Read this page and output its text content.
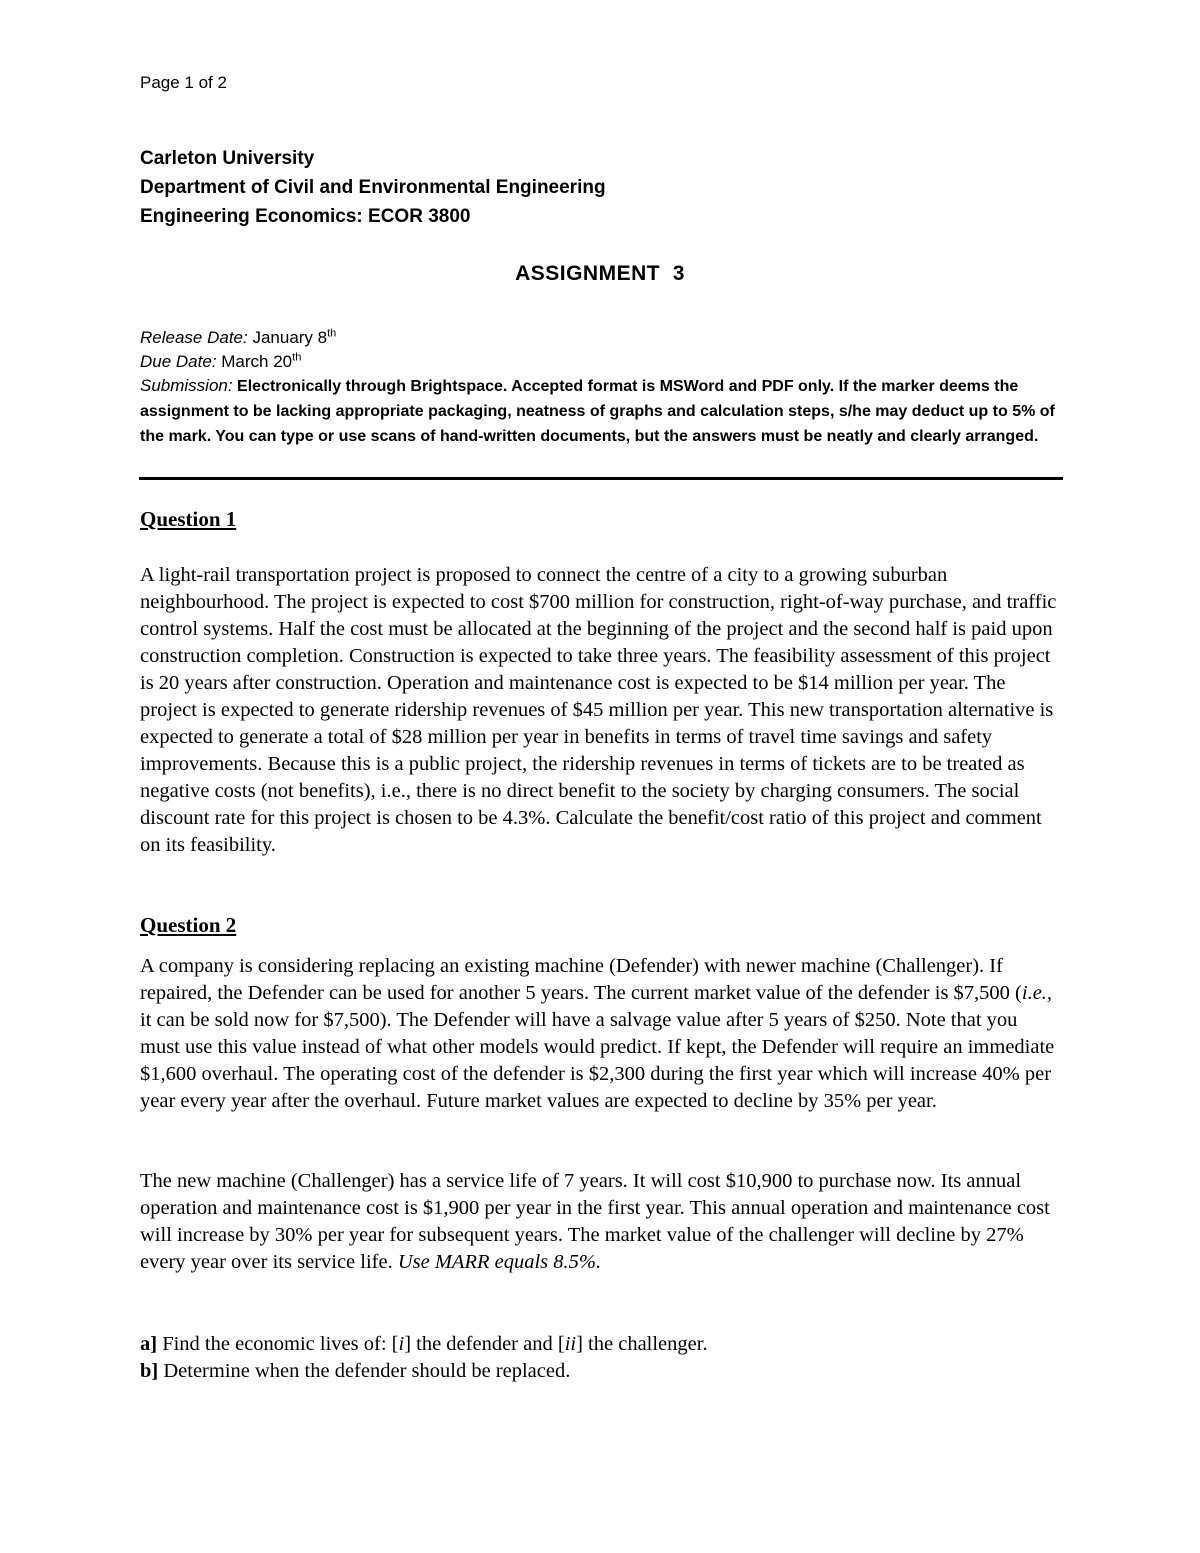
Page 1 of 2
Carleton University
Department of Civil and Environmental Engineering
Engineering Economics: ECOR 3800
ASSIGNMENT  3
Release Date: January 8th
Due Date: March 20th
Submission: Electronically through Brightspace. Accepted format is MSWord and PDF only. If the marker deems the assignment to be lacking appropriate packaging, neatness of graphs and calculation steps, s/he may deduct up to 5% of the mark. You can type or use scans of hand-written documents, but the answers must be neatly and clearly arranged.
Question 1
A light-rail transportation project is proposed to connect the centre of a city to a growing suburban neighbourhood. The project is expected to cost $700 million for construction, right-of-way purchase, and traffic control systems. Half the cost must be allocated at the beginning of the project and the second half is paid upon construction completion. Construction is expected to take three years. The feasibility assessment of this project is 20 years after construction. Operation and maintenance cost is expected to be $14 million per year. The project is expected to generate ridership revenues of $45 million per year. This new transportation alternative is expected to generate a total of $28 million per year in benefits in terms of travel time savings and safety improvements. Because this is a public project, the ridership revenues in terms of tickets are to be treated as negative costs (not benefits), i.e., there is no direct benefit to the society by charging consumers. The social discount rate for this project is chosen to be 4.3%. Calculate the benefit/cost ratio of this project and comment on its feasibility.
Question 2
A company is considering replacing an existing machine (Defender) with newer machine (Challenger). If repaired, the Defender can be used for another 5 years. The current market value of the defender is $7,500 (i.e., it can be sold now for $7,500). The Defender will have a salvage value after 5 years of $250. Note that you must use this value instead of what other models would predict. If kept, the Defender will require an immediate $1,600 overhaul. The operating cost of the defender is $2,300 during the first year which will increase 40% per year every year after the overhaul. Future market values are expected to decline by 35% per year.
The new machine (Challenger) has a service life of 7 years. It will cost $10,900 to purchase now. Its annual operation and maintenance cost is $1,900 per year in the first year. This annual operation and maintenance cost will increase by 30% per year for subsequent years. The market value of the challenger will decline by 27% every year over its service life. Use MARR equals 8.5%.
a] Find the economic lives of: [i] the defender and [ii] the challenger.
b] Determine when the defender should be replaced.
